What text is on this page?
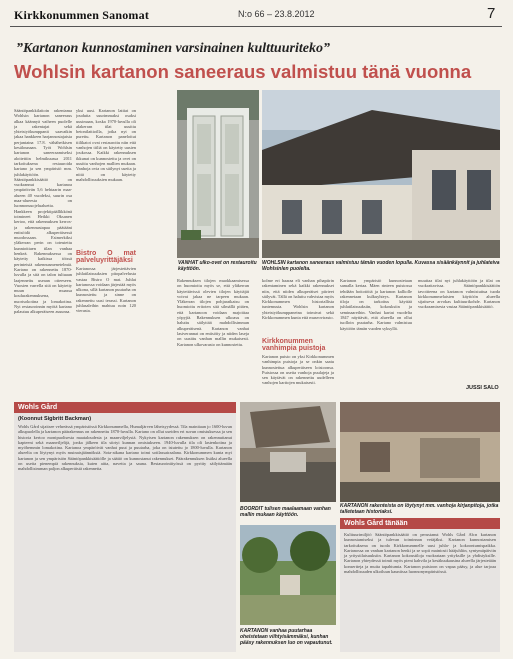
Kirkkonummen Sanomat	N:o 66 – 23.8.2012	7
”Kartanon kunnostaminen varsinainen kulttuuriteko”
Wohlsin kartanon saneeraus valmistuu tänä vuonna
Sääntöpankkilaitoin rakentama Wohlsin kartanon saneeraus alkaa käännyä vaiheen puolelle ja rakentajat sekä yhteistyökumppanit saavatkin jakaa hankkeen harjannostajaisia perjantaina 17.8. vähähetkisen kesälounaan. Työt Wohlsin kartanon saneeraamiseksi aloitettiin helmikuussa 2011 tarkoituksena restauroida kartano ja sen ympäristö mm. juhlakäyttöön. Sääntöpankkisäätiö on vuokrannut kartanoa ympäröivän 5,6 hehtaarin maa-alueen 40 vuodeksi, suurin osa maa-alueesta on luonnonsuojelualuetta. Hankkeen projektipäällikkönä toimineet Heikki Oksanen kertoo, että rakennuksen kerros- ja rakennustapaa päätääni entisöidä alkuperäisessä muodossaan. Esimerkiksi yläkerran perin on toteutettu kunnioittaen tilan vanhaa henkeä. Rakennuksessa on käytetty kaikissa töissä perinteisiä rakennusmenetelmiä. Kartano on rakennettu 1870-luvulla ja sitä on talon tultuaan laajennettu useaan otteeseen. Vuosien varrella sitä on käytetty muun muassa koulurakennuksena, nuorisokotina ja lomakotina. Nyt restauroinnin myötä kartano palautuu alkuperäiseen asuunsa.
yksi uusi. Kartanon lattiat on joudutta suurimmaksi osaksi uusimaan, koska 1970-luvulla oli alakerran tilat uusittu betonilattioilla, jotka nyt on purettu. Kartanon paneloitut tiilikatot ovat restauroitu niin että vanhojen tiiliä on käytetty uusien joukossa. Kaikki rakennuksen ikkunat on kunnostettu ja ovet on uusittu vanhojen mallien mukaan. Vanhoja ovia on säilynyt useita ja niitä on käytetty mahdollisuuksien mukaan.
Bistro O mat palveluyrittäjäksi
Kartanossa järjestettävien juhlatilaisuuksien pitopalvelusta vastaa Bistro O mat. Juhlat kartanossa voidaan järjestää myös ulkona, sillä kartanon puutarha on kunnostettu ja sinne on rakennettu uusi terassi. Kartanon juhlasaleihin mahtuu noin 120 vierasta.
VANHAT ulko-ovet on restauroitu käyttöön.
WOHLSIN kartanon saneeraus valmistuu tämän vuoden lopulla. Kuvassa sisäänkäynnit ja juhlateiva Wohlsinlen puolelta.
Rakennuksen tilojen muokkaamisessa on huomioitu myös se, että yläkerran käytettävissä olevien tilojen käyttäjät voivat jakaa ne tarpeen mukaan. Yläkerran tilojen pohjaratkaisu on huomioitu eritoten sitä silmällä pitäen, että kartanoon voidaan majoittaa yöpyjiä. Rakennuksen ulkoasu on haluttu säilyttää mahdollisimman alkuperäisenä. Kartanon vanhat lasiverannat on entisöity ja niiden laseja on uusittu vanhan mallin mukaisesti. Kartanon ulkovarasto on kunnostettu.
kolme eri haaraa eli vanhan pihapiirin rakentaminen sekä kaikki rakennukset niin, että niiden alkuperäiset piirteet säilyvät. Tällä on haluttu vahvistaa myös Kirkkonummen historiallista tuntemusta. Wohlsin kartanon yhteistyökumppaneina toimivat sekä Kirkkonummen kunta että museovirasto.
Kirkkonummen vanhimpia puistoja
Kartanon puisto on yksi Kirkkonummen vanhimpia puistoja ja se onkin saatu kunnostettua alkuperäiseen loistoonsa. Puistossa on useita vanhoja puulajeja ja sen käytävät on rakennettu uudelleen vanhojen karttojen mukaisesti.
Kartanon ympäristö kunnostetaan samalla kertaa. Mäen rinteen puistossa tehdään hoitotöitä ja kartanon kalliolle rakennetaan kulkuyhteys. Kartanon tiloja on tarkoitus käyttää juhlatilaisuuksiin, kokouksiin ja seminaareihin. Vanhat kartat vuodelta 1847 näyttävät, että alueella on ollut tuolloin puutarha. Kartano valmistuu käyttöön tämän vuoden syksyllä.
muuttaa tilat nyt juhlakäyttöön ja tilat on vuokrattavissa. Sääntöpankkisäätiön tavoitteena on kartanon valmistuttua tuoda kirkkonummelaisten käyttöön alueella sijaitseva arvokas kulttuurikohde. Kartanon vuokraamisesta vastaa Sääntöpankkisäätiö.
JUSSI SALO
Wohls Gård
(Koonnut Sigbritt Backman)
Wohls Gård sijaitsee vehreässä ympäristössä Kirkkonummella, Humaljärven läheisyydessä. Tila mainitaan jo 1600-luvun alkupuolella ja kartanon päärakennus on rakennettu 1870-luvulla. Kartano on ollut useiden eri suvun omistuksessa ja sen historia kertoo monipuolisesta maataloudesta ja maanviljelystä. Nykyisen kartanon rakennuksen on rakennuttanut kapteeni sekä maanviljelijä, jonka jälkeen tila siirtyi kunnan omistukseen. 1940-luvulla tila oli lastenkotina ja myöhemmin lomakotina. Kartanoa ympäröivät vanhat puut ja puutarha, joka on istutettu jo 1800-luvulla. Kartanon alueelta on löytynyt myös muinaisjäännöksiä. Sota-aikana kartano toimi sotilassairaalana. Kirkkonummen kunta myi kartanon ja sen ympäristön Sääntöpankkisäätiölle ja säätiö on kunnostanut rakennukset. Päärakennuksen lisäksi alueella on useita pienempiä rakennuksia, kuten aitta, navetta ja sauna. Restaurointityössä on pyritty säilyttämään mahdollisimman paljon alkuperäistä rakennetta.
KARTANON rakenteista on löytynyt mm. vanhoja kirjanpitoja, jotka talletetaan historiaksi.
BOORDIT tulisen maalaamaan vanhan mallin mukaan käyttöön.
KARTANON vanhaa puutarhaa oheistetaan viihtyisämmäksi, kunhan pääsy rakennuksen luo on vapautunut.
Wohls Gård tänään
Kulttuurimiljöö Sääntöpankkisäätiö on perustanut Wohls Gård Ab:n kartanon kunnostamiseksi ja tulevan toiminnan vetäjäksi. Kartanon kunnostamisen tarkoituksena on tuoda Kirkkonummelle uusi juhla- ja kokoontumispaikka. Kartanossa on vanhan kartanon henki ja se sopii mainiosti hääjuhliin, syntymäpäiviin ja yritystilaisuuksiin. Kartanon kokoustiloja vuokrataan yrityksille ja yhdistyksille. Kartanon yhteydessä toimii myös pieni kahvila ja kesäkuukausina alueella järjestetään konsertteja ja muita tapahtumia. Kartanon puistoon on vapaa pääsy, ja alue tarjoaa mahdollisuuden ulkoiluun kauniissa luonnonympäristössä.
